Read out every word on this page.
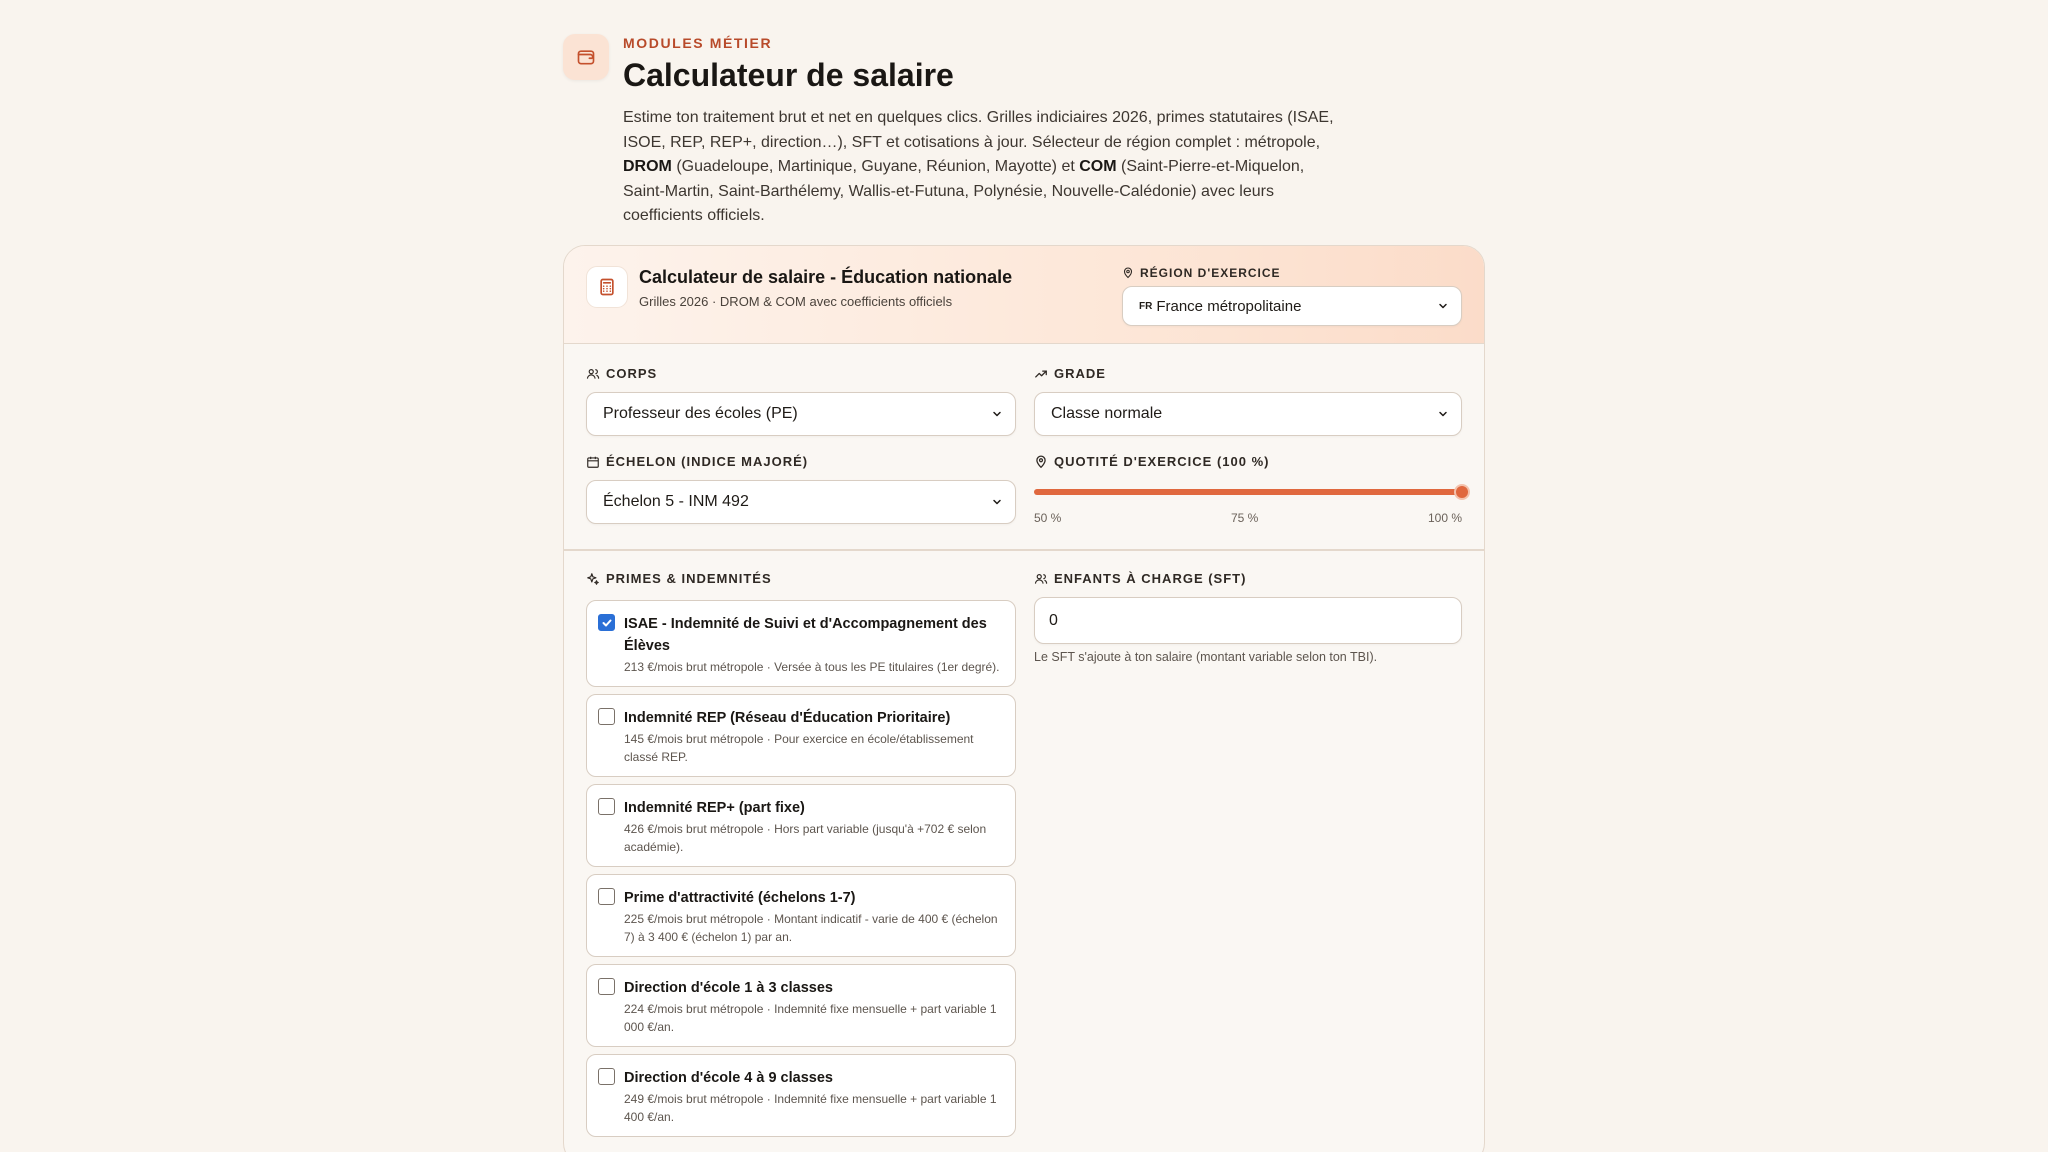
MODULES MÉTIER
Calculateur de salaire

Estime ton traitement brut et net en quelques clics. Grilles indiciaires 2026, primes statutaires (ISAE, ISOE, REP, REP+, direction…), SFT et cotisations à jour. Sélecteur de région complet : métropole, DROM (Guadeloupe, Martinique, Guyane, Réunion, Mayotte) et COM (Saint-Pierre-et-Miquelon, Saint-Martin, Saint-Barthélemy, Wallis-et-Futuna, Polynésie, Nouvelle-Calédonie) avec leurs coefficients officiels.

Calculateur de salaire - Éducation nationale
Grilles 2026 · DROM & COM avec coefficients officiels
RÉGION D'EXERCICE
FR France métropolitaine
CORPS
Professeur des écoles (PE)
GRADE
Classe normale
ÉCHELON (INDICE MAJORÉ)
Échelon 5 - INM 492
QUOTITÉ D'EXERCICE (100 %)
50 %	75 %	100 %
PRIMES & INDEMNITÉS
ISAE - Indemnité de Suivi et d'Accompagnement des Élèves
213 €/mois brut métropole · Versée à tous les PE titulaires (1er degré).
Indemnité REP (Réseau d'Éducation Prioritaire)
145 €/mois brut métropole · Pour exercice en école/établissement classé REP.
Indemnité REP+ (part fixe)
426 €/mois brut métropole · Hors part variable (jusqu'à +702 € selon académie).
Prime d'attractivité (échelons 1-7)
225 €/mois brut métropole · Montant indicatif - varie de 400 € (échelon 7) à 3 400 € (échelon 1) par an.
Direction d'école 1 à 3 classes
224 €/mois brut métropole · Indemnité fixe mensuelle + part variable 1 000 €/an.
Direction d'école 4 à 9 classes
249 €/mois brut métropole · Indemnité fixe mensuelle + part variable 1 400 €/an.
ENFANTS À CHARGE (SFT)
0
Le SFT s'ajoute à ton salaire (montant variable selon ton TBI).
